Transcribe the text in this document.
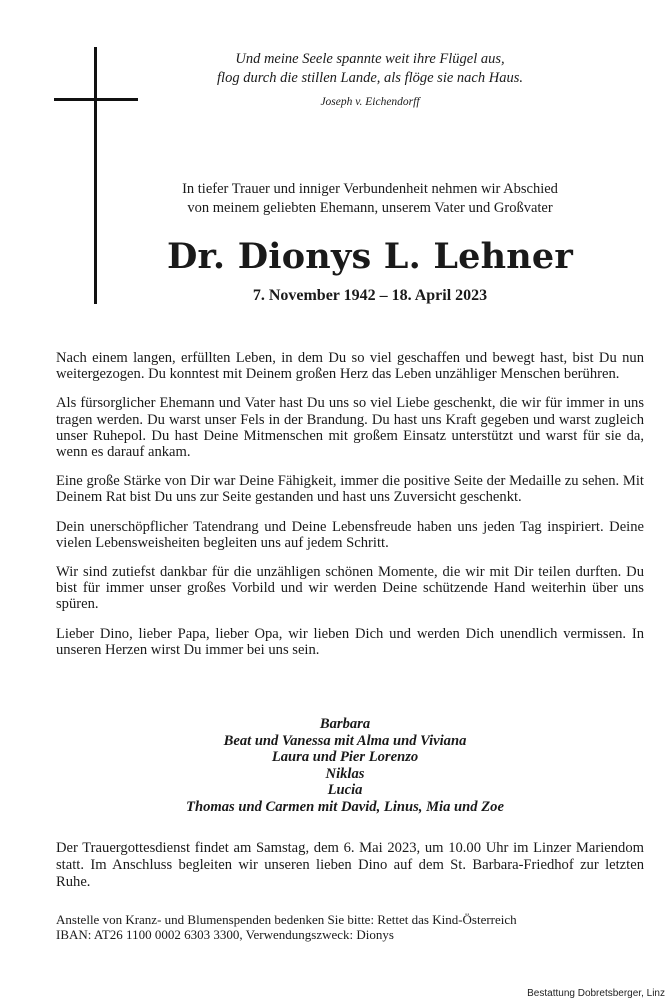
Und meine Seele spannte weit ihre Flügel aus,
flog durch die stillen Lande, als flöge sie nach Haus.
Joseph v. Eichendorff
In tiefer Trauer und inniger Verbundenheit nehmen wir Abschied
von meinem geliebten Ehemann, unserem Vater und Großvater
Dr. Dionys L. Lehner
7. November 1942 – 18. April 2023

Nach einem langen, erfüllten Leben, in dem Du so viel geschaffen und bewegt hast, bist Du nun weitergezogen. Du konntest mit Deinem großen Herz das Leben unzähliger Menschen berühren.

Als fürsorglicher Ehemann und Vater hast Du uns so viel Liebe geschenkt, die wir für immer in uns tragen werden. Du warst unser Fels in der Brandung. Du hast uns Kraft gegeben und warst zugleich unser Ruhepol. Du hast Deine Mitmenschen mit großem Einsatz unterstützt und warst für sie da, wenn es darauf ankam.

Eine große Stärke von Dir war Deine Fähigkeit, immer die positive Seite der Medaille zu sehen. Mit Deinem Rat bist Du uns zur Seite gestanden und hast uns Zuversicht geschenkt.

Dein unerschöpflicher Tatendrang und Deine Lebensfreude haben uns jeden Tag inspiriert. Deine vielen Lebensweisheiten begleiten uns auf jedem Schritt.

Wir sind zutiefst dankbar für die unzähligen schönen Momente, die wir mit Dir teilen durften. Du bist für immer unser großes Vorbild und wir werden Deine schützende Hand weiterhin über uns spüren.

Lieber Dino, lieber Papa, lieber Opa, wir lieben Dich und werden Dich unendlich vermissen. In unseren Herzen wirst Du immer bei uns sein.

Barbara
Beat und Vanessa mit Alma und Viviana
Laura und Pier Lorenzo
Niklas
Lucia
Thomas und Carmen mit David, Linus, Mia und Zoe
Der Trauergottesdienst findet am Samstag, dem 6. Mai 2023, um 10.00 Uhr im Linzer Mariendom statt. Im Anschluss begleiten wir unseren lieben Dino auf dem St. Barbara-Friedhof zur letzten Ruhe.
Anstelle von Kranz- und Blumenspenden bedenken Sie bitte: Rettet das Kind-Österreich
IBAN: AT26 1100 0002 6303 3300, Verwendungszweck: Dionys
Bestattung Dobretsberger, Linz
